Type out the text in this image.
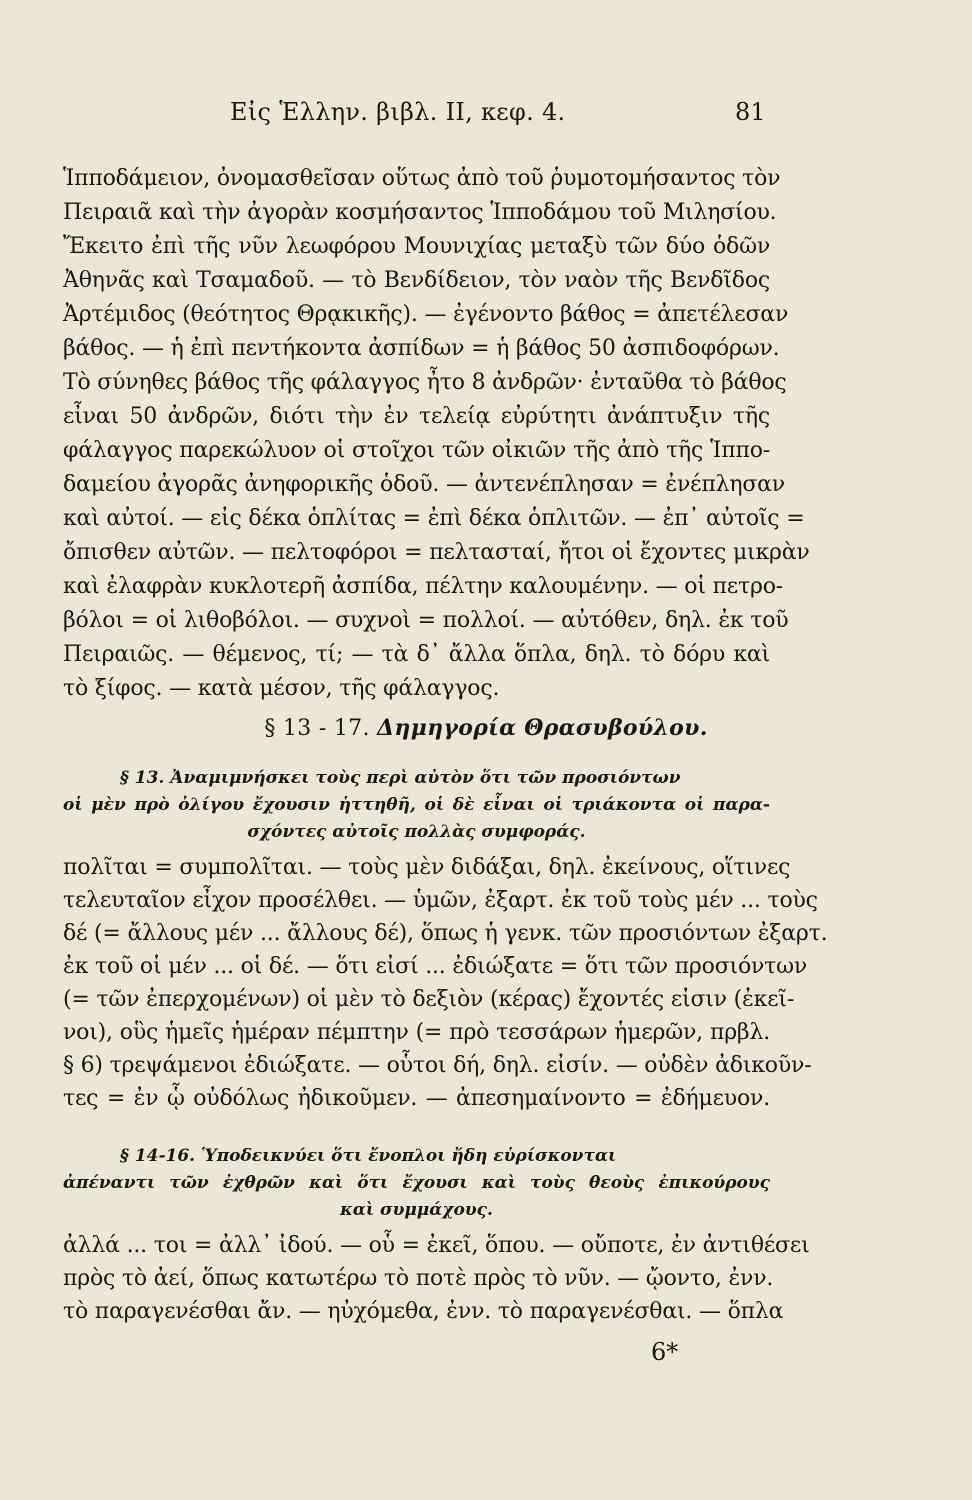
Εἰς Ἑλλην. βιβλ. II, κεφ. 4.	81

Ἱπποδάμειον, ὀνομασθεῖσαν οὕτως ἀπὸ τοῦ ῥυμοτομήσαντος τὸν

Πειραιᾶ καὶ τὴν ἀγορὰν κοσμήσαντος Ἱπποδάμου τοῦ Μιλησίου.

Ἔκειτο ἐπὶ τῆς νῦν λεωφόρου Μουνιχίας μεταξὺ τῶν δύο ὁδῶν

Ἀθηνᾶς καὶ Τσαμαδοῦ. — τὸ Βενδίδειον, τὸν ναὸν τῆς Βενδῖδος

Ἀρτέμιδος (θεότητος Θρᾳκικῆς). — ἐγένοντο βάθος = ἀπετέλεσαν

βάθος. — ἡ ἐπὶ πεντήκοντα ἀσπίδων = ἡ βάθος 50 ἀσπιδοφόρων.

Τὸ σύνηθες βάθος τῆς φάλαγγος ἦτο 8 ἀνδρῶν· ἐνταῦθα τὸ βάθος

εἶναι 50 ἀνδρῶν, διότι τὴν ἐν τελείᾳ εὐρύτητι ἀνάπτυξιν τῆς

φάλαγγος παρεκώλυον οἱ στοῖχοι τῶν οἰκιῶν τῆς ἀπὸ τῆς Ἱππο-

δαμείου ἀγορᾶς ἀνηφορικῆς ὁδοῦ. — ἀντενέπλησαν = ἐνέπλησαν

καὶ αὐτοί. — εἰς δέκα ὁπλίτας = ἐπὶ δέκα ὁπλιτῶν. — ἐπ᾽ αὐτοῖς =

ὄπισθεν αὐτῶν. — πελτοφόροι = πελτασταί, ἤτοι οἱ ἔχοντες μικρὰν

καὶ ἐλαφρὰν κυκλοτερῆ ἀσπίδα, πέλτην καλουμένην. — οἱ πετρο-

βόλοι = οἱ λιθοβόλοι. — συχνοὶ = πολλοί. — αὐτόθεν, δηλ. ἐκ τοῦ

Πειραιῶς. — θέμενος, τί; — τὰ δ᾽ ἄλλα ὅπλα, δηλ. τὸ δόρυ καὶ

τὸ ξίφος. — κατὰ μέσον, τῆς φάλαγγος.

§ 13 - 17. Δημηγορία Θρασυβούλου.

§ 13. Ἀναμιμνήσκει τοὺς περὶ αὐτὸν ὅτι τῶν προσιόντων

οἱ μὲν πρὸ ὀλίγου ἔχουσιν ἡττηθῆ, οἱ δὲ εἶναι οἱ τριάκοντα οἱ παρα-

σχόντες αὐτοῖς πολλὰς συμφοράς.

πολῖται = συμπολῖται. — τοὺς μὲν διδάξαι, δηλ. ἐκείνους, οἵτινες

τελευταῖον εἶχον προσέλθει. — ὑμῶν, ἐξαρτ. ἐκ τοῦ τοὺς μέν ... τοὺς

δέ (= ἄλλους μέν ... ἄλλους δέ), ὅπως ἡ γενκ. τῶν προσιόντων ἐξαρτ.

ἐκ τοῦ οἱ μέν ... οἱ δέ. — ὅτι εἰσί ... ἐδιώξατε = ὅτι τῶν προσιόντων

(= τῶν ἐπερχομένων) οἱ μὲν τὸ δεξιὸν (κέρας) ἔχοντές εἰσιν (ἐκεῖ-

νοι), οὓς ἡμεῖς ἡμέραν πέμπτην (= πρὸ τεσσάρων ἡμερῶν, πρβλ.

§ 6) τρεψάμενοι ἐδιώξατε. — οὗτοι δή, δηλ. εἰσίν. — οὐδὲν ἀδικοῦν-

τες = ἐν ᾧ οὐδόλως ἠδικοῦμεν. — ἀπεσημαίνοντο = ἐδήμευον.

§ 14-16. Ὑποδεικνύει ὅτι ἔνοπλοι ἤδη εὑρίσκονται

ἀπέναντι τῶν ἐχθρῶν καὶ ὅτι ἔχουσι καὶ τοὺς θεοὺς ἐπικούρους

καὶ συμμάχους.

ἀλλά ... τοι = ἀλλ᾽ ἰδού. — οὗ = ἐκεῖ, ὅπου. — οὔποτε, ἐν ἀντιθέσει

πρὸς τὸ ἀεί, ὅπως κατωτέρω τὸ ποτὲ πρὸς τὸ νῦν. — ᾤοντο, ἐνν.

τὸ παραγενέσθαι ἄν. — ηὐχόμεθα, ἐνν. τὸ παραγενέσθαι. — ὅπλα

6*
